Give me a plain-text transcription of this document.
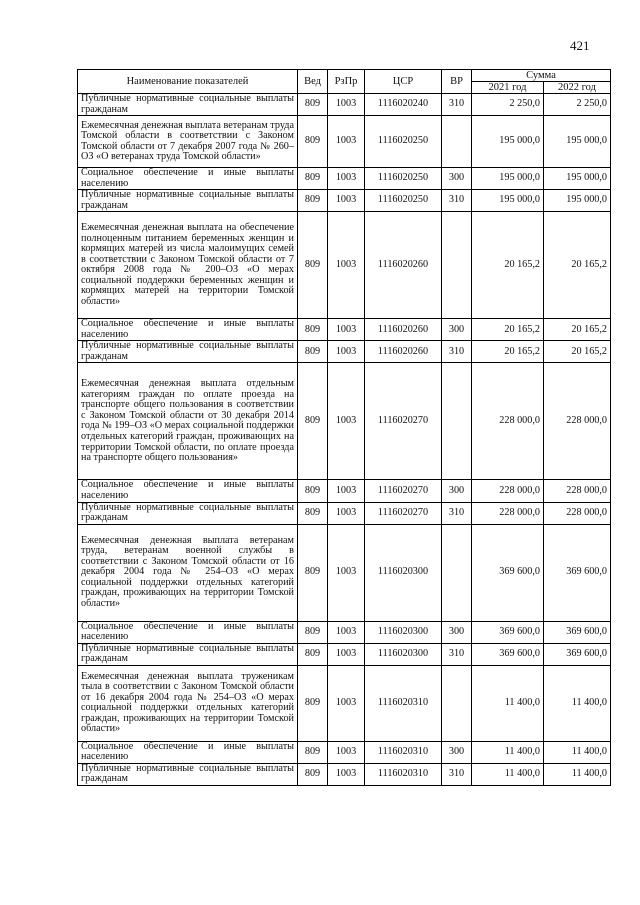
421
Наименование показателей	Вед	РзПр	ЦСР	ВР	Сумма	
					2021 год	2022 год
Публичные нормативные социальные выплаты гражданам	809	1003	1116020240	310	2 250,0	2 250,0
Ежемесячная денежная выплата ветеранам труда Томской области в соответствии с Законом Томской области от 7 декабря 2007 года № 260–ОЗ «О ветеранах труда Томской области»	809	1003	1116020250		195 000,0	195 000,0
Социальное обеспечение и иные выплаты населению	809	1003	1116020250	300	195 000,0	195 000,0
Публичные нормативные социальные выплаты гражданам	809	1003	1116020250	310	195 000,0	195 000,0
Ежемесячная денежная выплата на обеспечение полноценным питанием беременных женщин и кормящих матерей из числа малоимущих семей в соответствии с Законом Томской области от 7 октября 2008 года № 200–ОЗ «О мерах социальной поддержки беременных женщин и кормящих матерей на территории Томской области»	809	1003	1116020260		20 165,2	20 165,2
Социальное обеспечение и иные выплаты населению	809	1003	1116020260	300	20 165,2	20 165,2
Публичные нормативные социальные выплаты гражданам	809	1003	1116020260	310	20 165,2	20 165,2
Ежемесячная денежная выплата отдельным категориям граждан по оплате проезда на транспорте общего пользования в соответствии с Законом Томской области от 30 декабря 2014 года № 199–ОЗ «О мерах социальной поддержки отдельных категорий граждан, проживающих на территории Томской области, по оплате проезда на транспорте общего пользования»	809	1003	1116020270		228 000,0	228 000,0
Социальное обеспечение и иные выплаты населению	809	1003	1116020270	300	228 000,0	228 000,0
Публичные нормативные социальные выплаты гражданам	809	1003	1116020270	310	228 000,0	228 000,0
Ежемесячная денежная выплата ветеранам труда, ветеранам военной службы в соответствии с Законом Томской области от 16 декабря 2004 года № 254–ОЗ «О мерах социальной поддержки отдельных категорий граждан, проживающих на территории Томской области»	809	1003	1116020300		369 600,0	369 600,0
Социальное обеспечение и иные выплаты населению	809	1003	1116020300	300	369 600,0	369 600,0
Публичные нормативные социальные выплаты гражданам	809	1003	1116020300	310	369 600,0	369 600,0
Ежемесячная денежная выплата труженикам тыла в соответствии с Законом Томской области от 16 декабря 2004 года № 254–ОЗ «О мерах социальной поддержки отдельных категорий граждан, проживающих на территории Томской области»	809	1003	1116020310		11 400,0	11 400,0
Социальное обеспечение и иные выплаты населению	809	1003	1116020310	300	11 400,0	11 400,0
Публичные нормативные социальные выплаты гражданам	809	1003	1116020310	310	11 400,0	11 400,0
